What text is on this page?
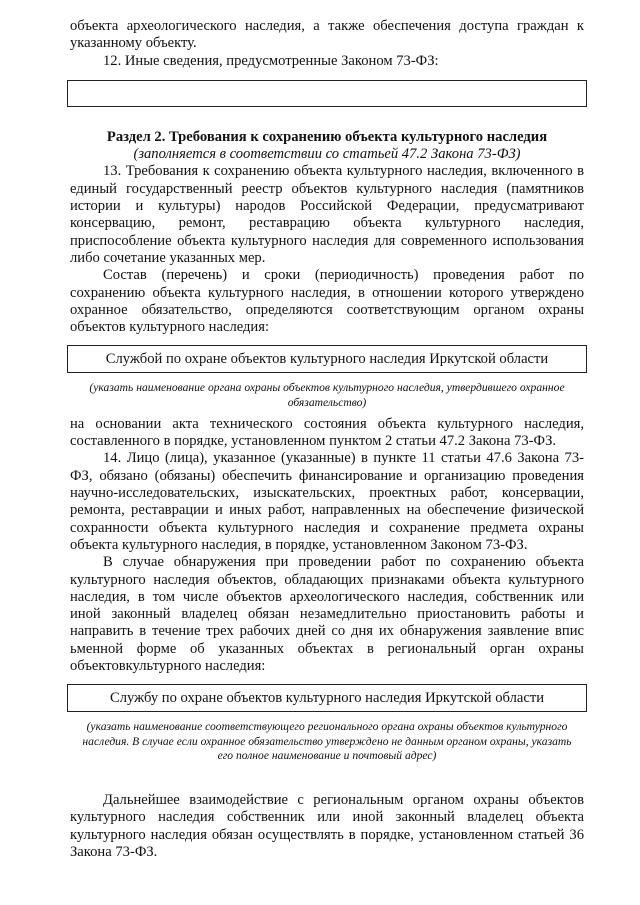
объекта археологического наследия, а также обеспечения доступа граждан к указанному объекту.

12. Иные сведения, предусмотренные Законом 73-ФЗ:

Раздел 2. Требования к сохранению объекта культурного наследия

(заполняется в соответствии со статьей 47.2 Закона 73-ФЗ)

13. Требования к сохранению объекта культурного наследия, включенного в единый государственный реестр объектов культурного наследия (памятников истории и культуры) народов Российской Федерации, предусматривают консервацию, ремонт, реставрацию объекта культурного наследия, приспособление объекта культурного наследия для современного использования либо сочетание указанных мер.

Состав (перечень) и сроки (периодичность) проведения работ по сохранению объекта культурного наследия, в отношении которого утверждено охранное обязательство, определяются соответствующим органом охраны объектов культурного наследия:

Службой по охране объектов культурного наследия Иркутской области

(указать наименование органа охраны объектов культурного наследия, утвердившего охранное обязательство)

на основании акта технического состояния объекта культурного наследия, составленного в порядке, установленном пунктом 2 статьи 47.2 Закона 73-ФЗ.

14. Лицо (лица), указанное (указанные) в пункте 11 статьи 47.6 Закона 73-ФЗ, обязано (обязаны) обеспечить финансирование и организацию проведения научно-исследовательских, изыскательских, проектных работ, консервации, ремонта, реставрации и иных работ, направленных на обеспечение физической сохранности объекта культурного наследия и сохранение предмета охраны объекта культурного наследия, в порядке, установленном Законом 73-ФЗ.

В случае обнаружения при проведении работ по сохранению объекта культурного наследия объектов, обладающих признаками объекта культурного наследия, в том числе объектов археологического наследия, собственник или иной законный владелец обязан незамедлительно приостановить работы и направить в течение трех рабочих дней со дня их обнаружения заявление впис​ьменной форме об указанных объектах в региональный орган охраны объектовкультурного наследия:

Службу по охране объектов культурного наследия Иркутской области

(указать наименование соответствующего регионального органа охраны объектов культурного наследия. В случае если охранное обязательство утверждено не данным органом охраны, указать его полное наименование и почтовый адрес)

Дальнейшее взаимодействие с региональным органом охраны объектов культурного наследия собственник или иной законный владелец объекта культурного наследия обязан осуществлять в порядке, установленном статьей 36 Закона 73-ФЗ.
